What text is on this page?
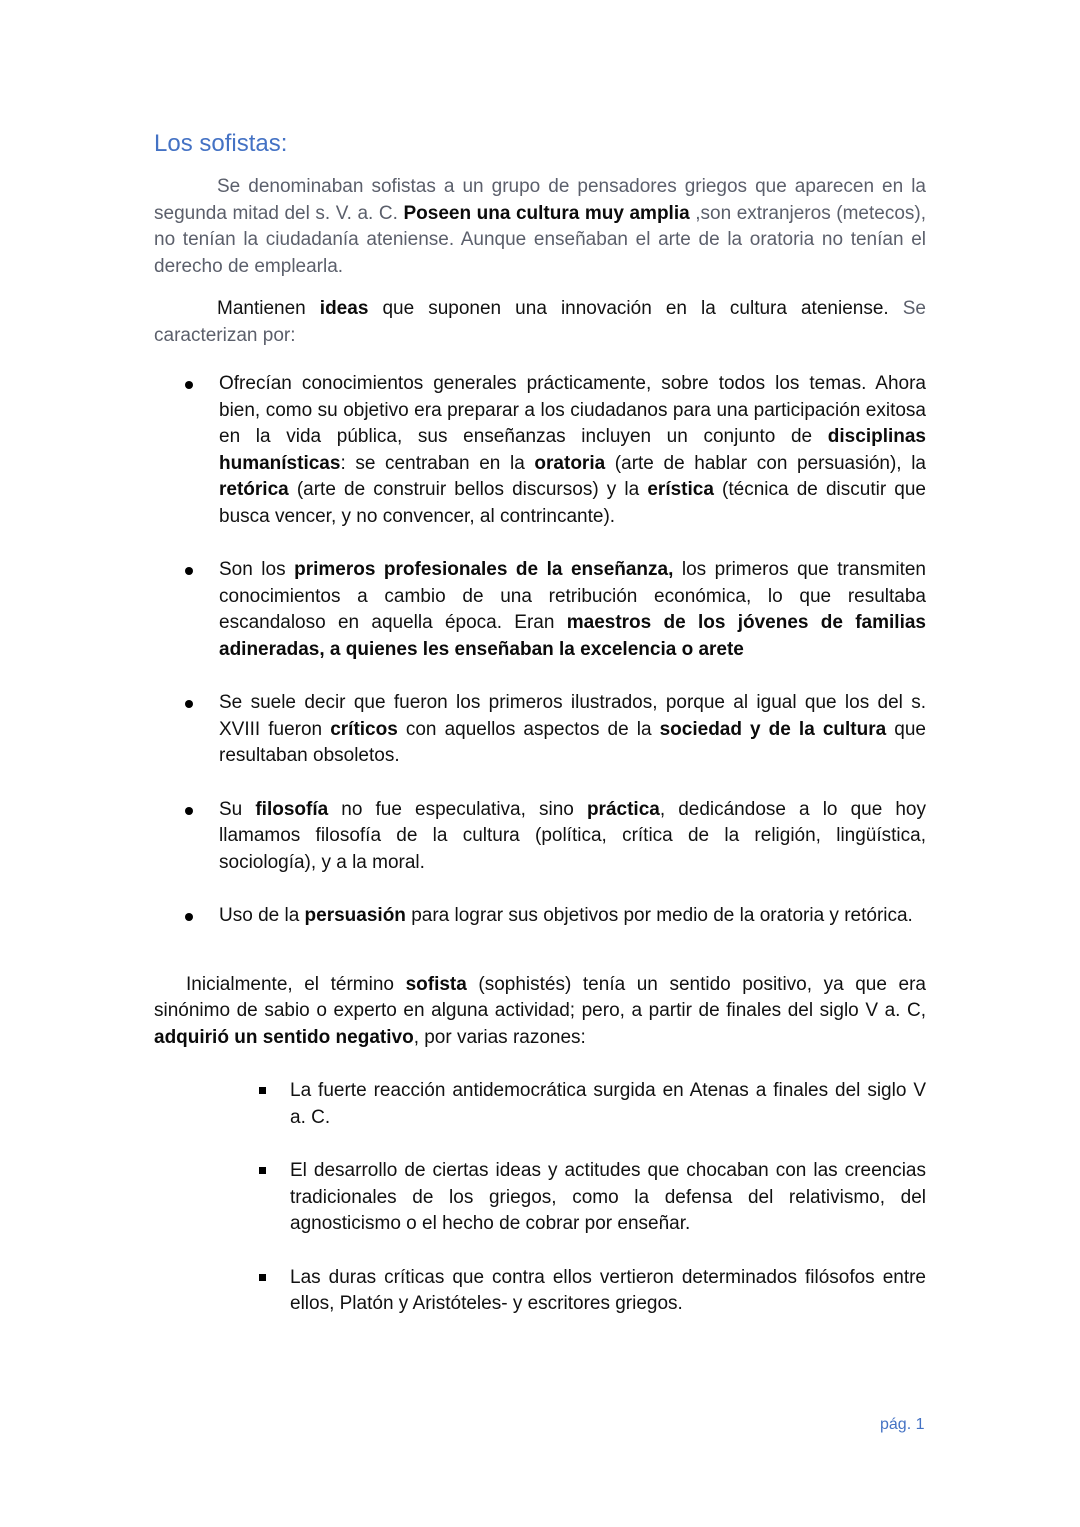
Los sofistas:

Se denominaban sofistas a un grupo de pensadores griegos que aparecen en la segunda mitad del s. V. a. C. Poseen una cultura muy amplia ,son extranjeros (metecos), no tenían la ciudadanía ateniense. Aunque enseñaban el arte de la oratoria no tenían el derecho de emplearla.

Mantienen ideas que suponen una innovación en la cultura ateniense. Se caracterizan por:

Ofrecían conocimientos generales prácticamente, sobre todos los temas. Ahora bien, como su objetivo era preparar a los ciudadanos para una participación exitosa en la vida pública, sus enseñanzas incluyen un conjunto de disciplinas humanísticas: se centraban en la oratoria (arte de hablar con persuasión), la retórica (arte de construir bellos discursos) y la erística (técnica de discutir que busca vencer, y no convencer, al contrincante).
Son los primeros profesionales de la enseñanza, los primeros que transmiten conocimientos a cambio de una retribución económica, lo que resultaba escandaloso en aquella época. Eran maestros de los jóvenes de familias adineradas, a quienes les enseñaban la excelencia o arete
Se suele decir que fueron los primeros ilustrados, porque al igual que los del s. XVIII fueron críticos con aquellos aspectos de la sociedad y de la cultura que resultaban obsoletos.
Su filosofía no fue especulativa, sino práctica, dedicándose a lo que hoy llamamos filosofía de la cultura (política, crítica de la religión, lingüística, sociología), y a la moral.
Uso de la persuasión para lograr sus objetivos por medio de la oratoria y retórica.

Inicialmente, el término sofista (sophistés) tenía un sentido positivo, ya que era sinónimo de sabio o experto en alguna actividad; pero, a partir de finales del siglo V a. C, adquirió un sentido negativo, por varias razones:

La fuerte reacción antidemocrática surgida en Atenas a finales del siglo V a. C.
El desarrollo de ciertas ideas y actitudes que chocaban con las creencias tradicionales de los griegos, como la defensa del relativismo, del agnosticismo o el hecho de cobrar por enseñar.
Las duras críticas que contra ellos vertieron determinados filósofos entre ellos, Platón y Aristóteles- y escritores griegos.
pág. 1
